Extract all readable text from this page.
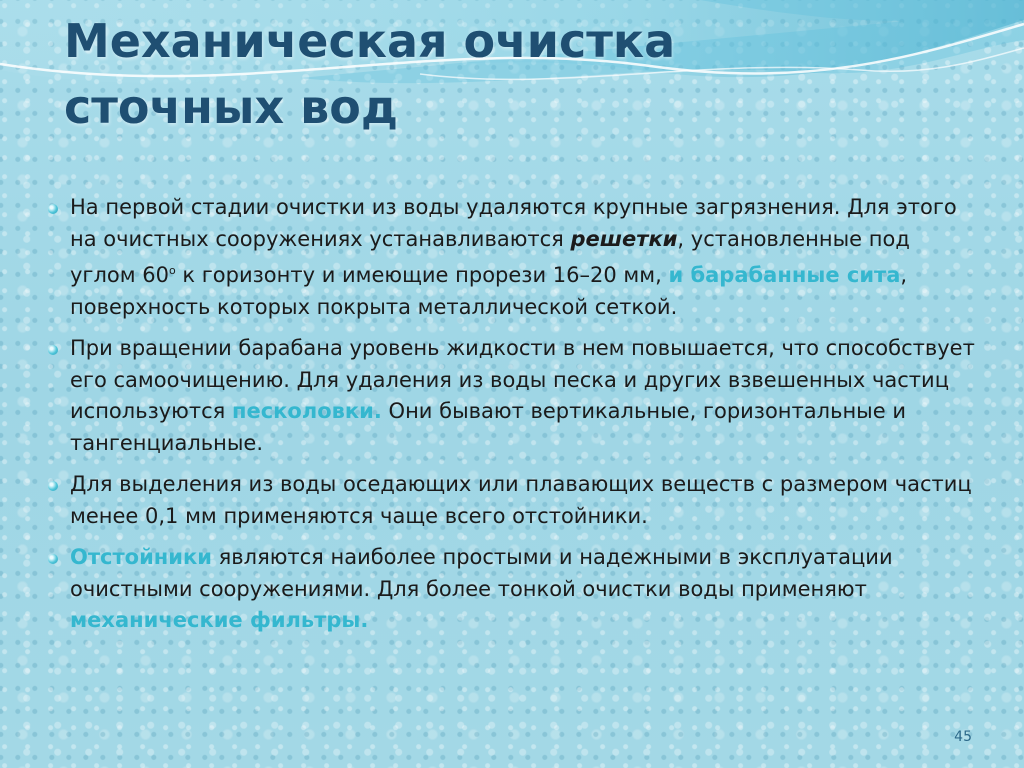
Механическая очистка
сточных вод
На первой стадии очистки из воды удаляются крупные загрязнения. Для этого на очистных сооружениях устанавливаются решетки, установленные под углом $60^о$ к горизонту и имеющие прорези 16–20 мм, и барабанные сита, поверхность которых покрыта металлической сеткой.
При вращении барабана уровень жидкости в нем повышается, что способствует его самоочищению. Для удаления из воды песка и других взвешенных частиц используются песколовки. Они бывают вертикальные, горизонтальные и тангенциальные.
Для выделения из воды оседающих или плавающих веществ с размером частиц менее 0,1 мм применяются чаще всего отстойники.
Отстойники являются наиболее простыми и надежными в эксплуатации очистными сооружениями. Для более тонкой очистки воды применяют механические фильтры.
45
